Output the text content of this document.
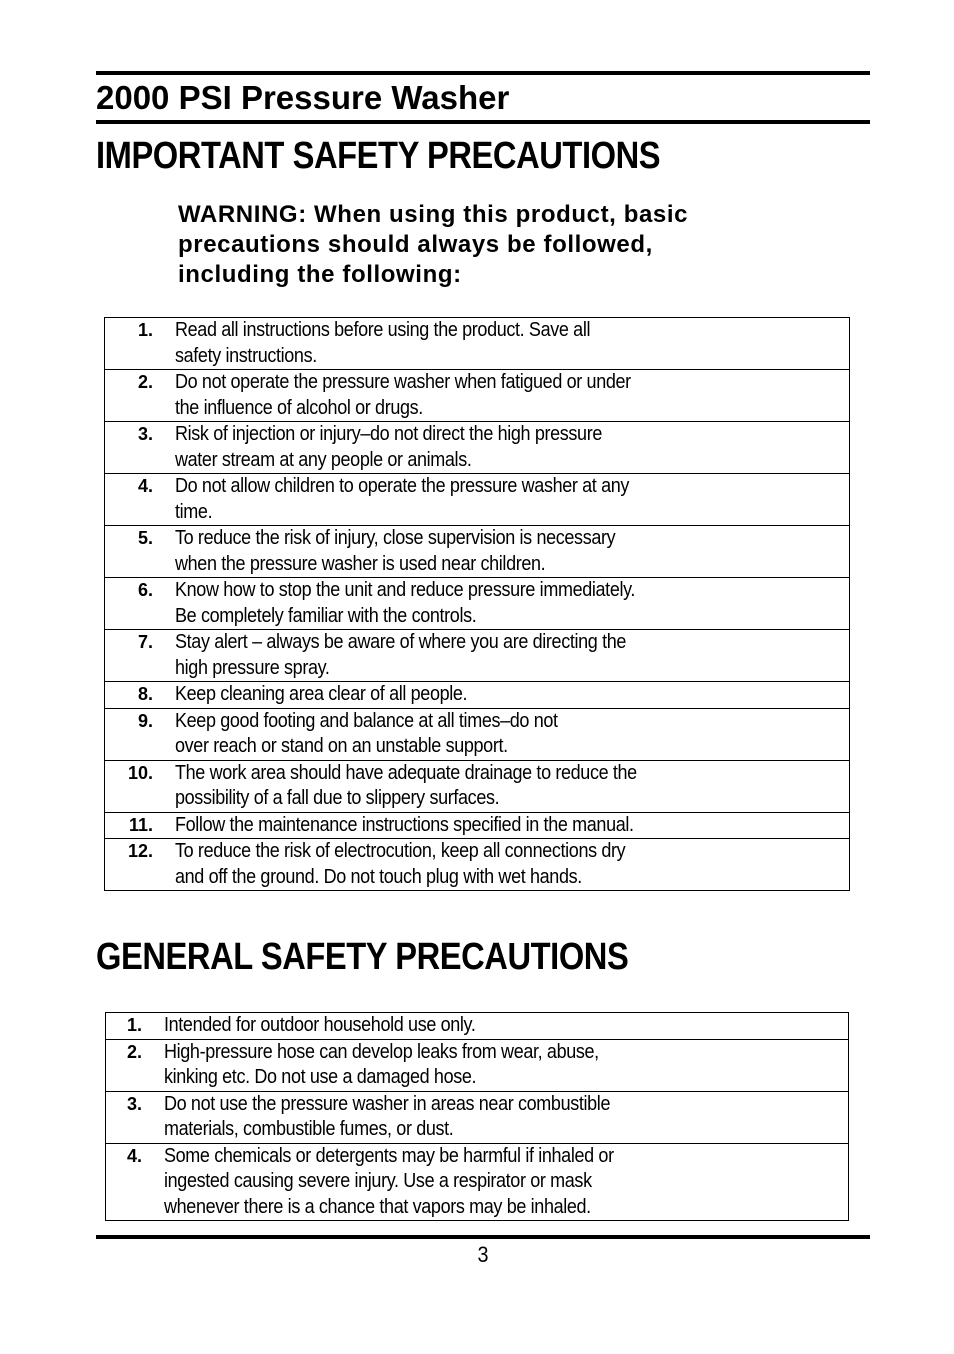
2000 PSI Pressure Washer
IMPORTANT SAFETY PRECAUTIONS
WARNING: When using this product, basic
precautions should always be followed,
including the following:
1.	Read all instructions before using the product. Save all
safety instructions.

2.	Do not operate the pressure washer when fatigued or under
the influence of alcohol or drugs.

3.	Risk of injection or injury–do not direct the high pressure
water stream at any people or animals.

4.	Do not allow children to operate the pressure washer at any
time.

5.	To reduce the risk of injury, close supervision is necessary
when the pressure washer is used near children.

6.	Know how to stop the unit and reduce pressure immediately.
Be completely familiar with the controls.

7.	Stay alert – always be aware of where you are directing the
high pressure spray.

8.	Keep cleaning area clear of all people.

9.	Keep good footing and balance at all times–do not
over reach or stand on an unstable support.

10.	The work area should have adequate drainage to reduce the
possibility of a fall due to slippery surfaces.

11.	Follow the maintenance instructions specified in the manual.

12.	To reduce the risk of electrocution, keep all connections dry
and off the ground. Do not touch plug with wet hands.
GENERAL SAFETY PRECAUTIONS
1.	Intended for outdoor household use only.

2.	High-pressure hose can develop leaks from wear, abuse,
kinking etc. Do not use a damaged hose.

3.	Do not use the pressure washer in areas near combustible
materials, combustible fumes, or dust.

4.	Some chemicals or detergents may be harmful if inhaled or
ingested causing severe injury. Use a respirator or mask
whenever there is a chance that vapors may be inhaled.
3
